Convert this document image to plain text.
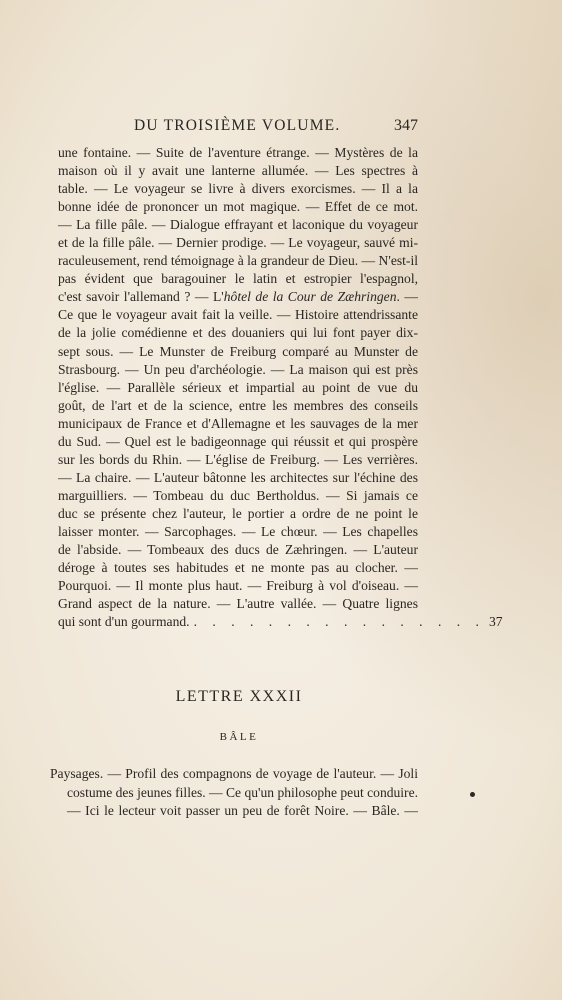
DU TROISIÈME VOLUME.	347
une fontaine. — Suite de l'aventure étrange. — Mystères de la
maison où il y avait une lanterne allumée. — Les spectres à
table. — Le voyageur se livre à divers exorcismes. — Il a la
bonne idée de prononcer un mot magique. — Effet de ce mot.
— La fille pâle. — Dialogue effrayant et laconique du voyageur
et de la fille pâle. — Dernier prodige. — Le voyageur, sauvé mi-
raculeusement, rend témoignage à la grandeur de Dieu. — N'est-il
pas évident que baragouiner le latin et estropier l'espagnol,
c'est savoir l'allemand ? — L'hôtel de la Cour de Zæhringen. —
Ce que le voyageur avait fait la veille. — Histoire attendrissante
de la jolie comédienne et des douaniers qui lui font payer dix-
sept sous. — Le Munster de Freiburg comparé au Munster de
Strasbourg. — Un peu d'archéologie. — La maison qui est près
l'église. — Parallèle sérieux et impartial au point de vue du
goût, de l'art et de la science, entre les membres des conseils
municipaux de France et d'Allemagne et les sauvages de la mer
du Sud. — Quel est le badigeonnage qui réussit et qui prospère
sur les bords du Rhin. — L'église de Freiburg. — Les verrières.
— La chaire. — L'auteur bâtonne les architectes sur l'échine des
marguilliers. — Tombeau du duc Bertholdus. — Si jamais ce
duc se présente chez l'auteur, le portier a ordre de ne point le
laisser monter. — Sarcophages. — Le chœur. — Les chapelles
de l'abside. — Tombeaux des ducs de Zæhringen. — L'auteur
déroge à toutes ses habitudes et ne monte pas au clocher. —
Pourquoi. — Il monte plus haut. — Freiburg à vol d'oiseau. —
Grand aspect de la nature. — L'autre vallée. — Quatre lignes
qui sont d'un gourmand. . . . . . . . . . . . . . . . . 37
LETTRE XXXII
BÂLE
Paysages. — Profil des compagnons de voyage de l'auteur. — Joli
costume des jeunes filles. — Ce qu'un philosophe peut conduire.
— Ici le lecteur voit passer un peu de forêt Noire. — Bâle. —
